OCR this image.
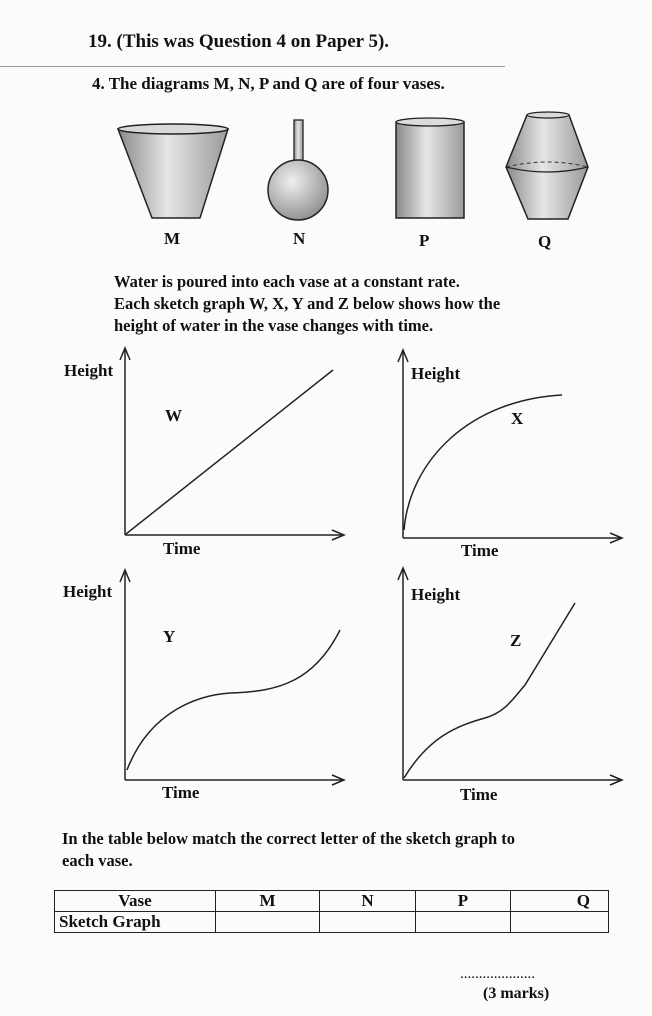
19. (This was Question 4 on Paper 5).
4. The diagrams M, N, P and Q are of four vases.
M	N	P	Q
Water is poured into each vase at a constant rate.
Each sketch graph W, X, Y and Z below shows how the
height of water in the vase changes with time.
Height
W
Time
Height
X
Time
Height
Y
Time
Height
Z
Time
In the table below match the correct letter of the sketch graph to
each vase.
Vase	M	N	P	Q
Sketch Graph				
....................
(3 marks)
